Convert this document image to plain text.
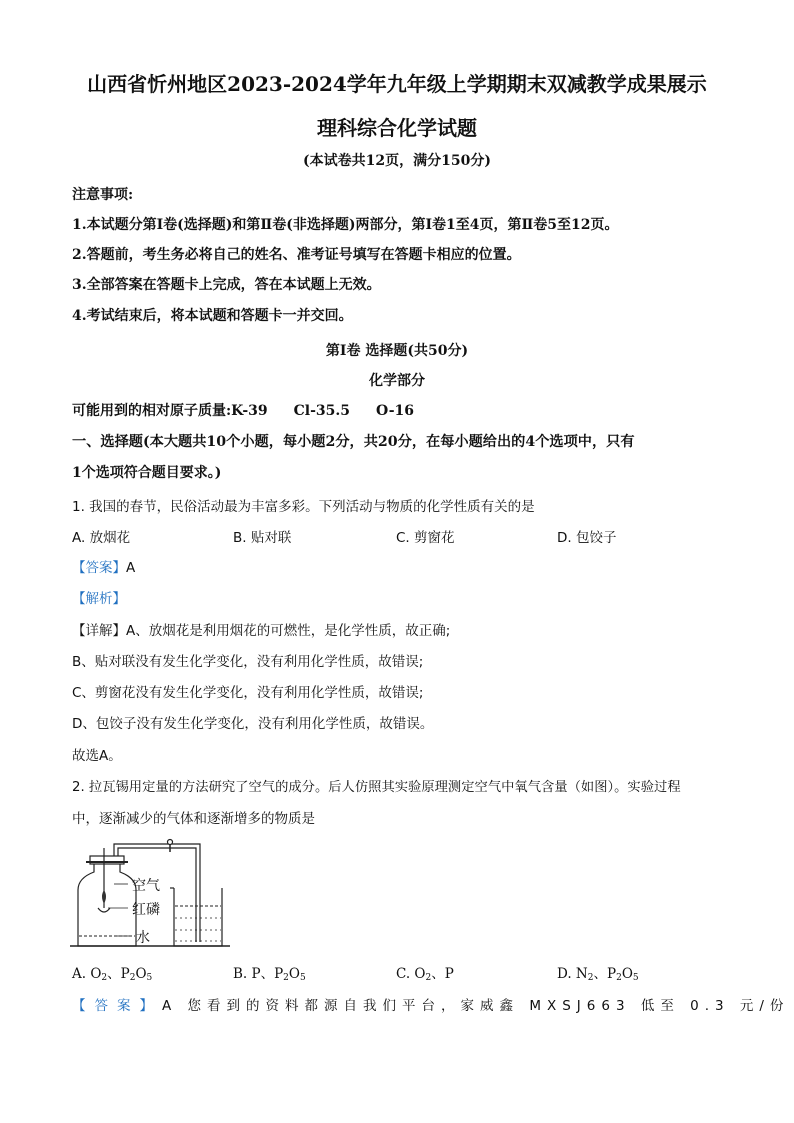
山西省忻州地区2023-2024学年九年级上学期期末双减教学成果展示
理科综合化学试题
(本试卷共12页，满分150分)
注意事项:
1.本试题分第Ⅰ卷(选择题)和第Ⅱ卷(非选择题)两部分，第Ⅰ卷1至4页，第Ⅱ卷5至12页。
2.答题前，考生务必将自己的姓名、准考证号填写在答题卡相应的位置。
3.全部答案在答题卡上完成，答在本试题上无效。
4.考试结束后，将本试题和答题卡一并交回。
第Ⅰ卷 选择题(共50分)
化学部分
可能用到的相对原子质量:K-39 Cl-35.5 O-16
一、选择题(本大题共10个小题，每小题2分，共20分，在每小题给出的4个选项中，只有
1个选项符合题目要求。)
1. 我国的春节，民俗活动最为丰富多彩。下列活动与物质的化学性质有关的是
A. 放烟花	B. 贴对联	C. 剪窗花	D. 包饺子
【答案】A
【解析】
【详解】A、放烟花是利用烟花的可燃性，是化学性质，故正确;
B、贴对联没有发生化学变化，没有利用化学性质，故错误;
C、剪窗花没有发生化学变化，没有利用化学性质，故错误;
D、包饺子没有发生化学变化，没有利用化学性质，故错误。
故选A。
2. 拉瓦锡用定量的方法研究了空气的成分。后人仿照其实验原理测定空气中氧气含量（如图）。实验过程
中，逐渐减少的气体和逐渐增多的物质是
空气
红磷
水
A. $O_2$、$P_2O_5$	B. P、$P_2O_5$	C. $O_2$、P	D. $N_2$、$P_2O_5$
【答案】A 您看到的资料都源自我们平台，家威鑫 MXSJ663 低至 0.3 元/份
